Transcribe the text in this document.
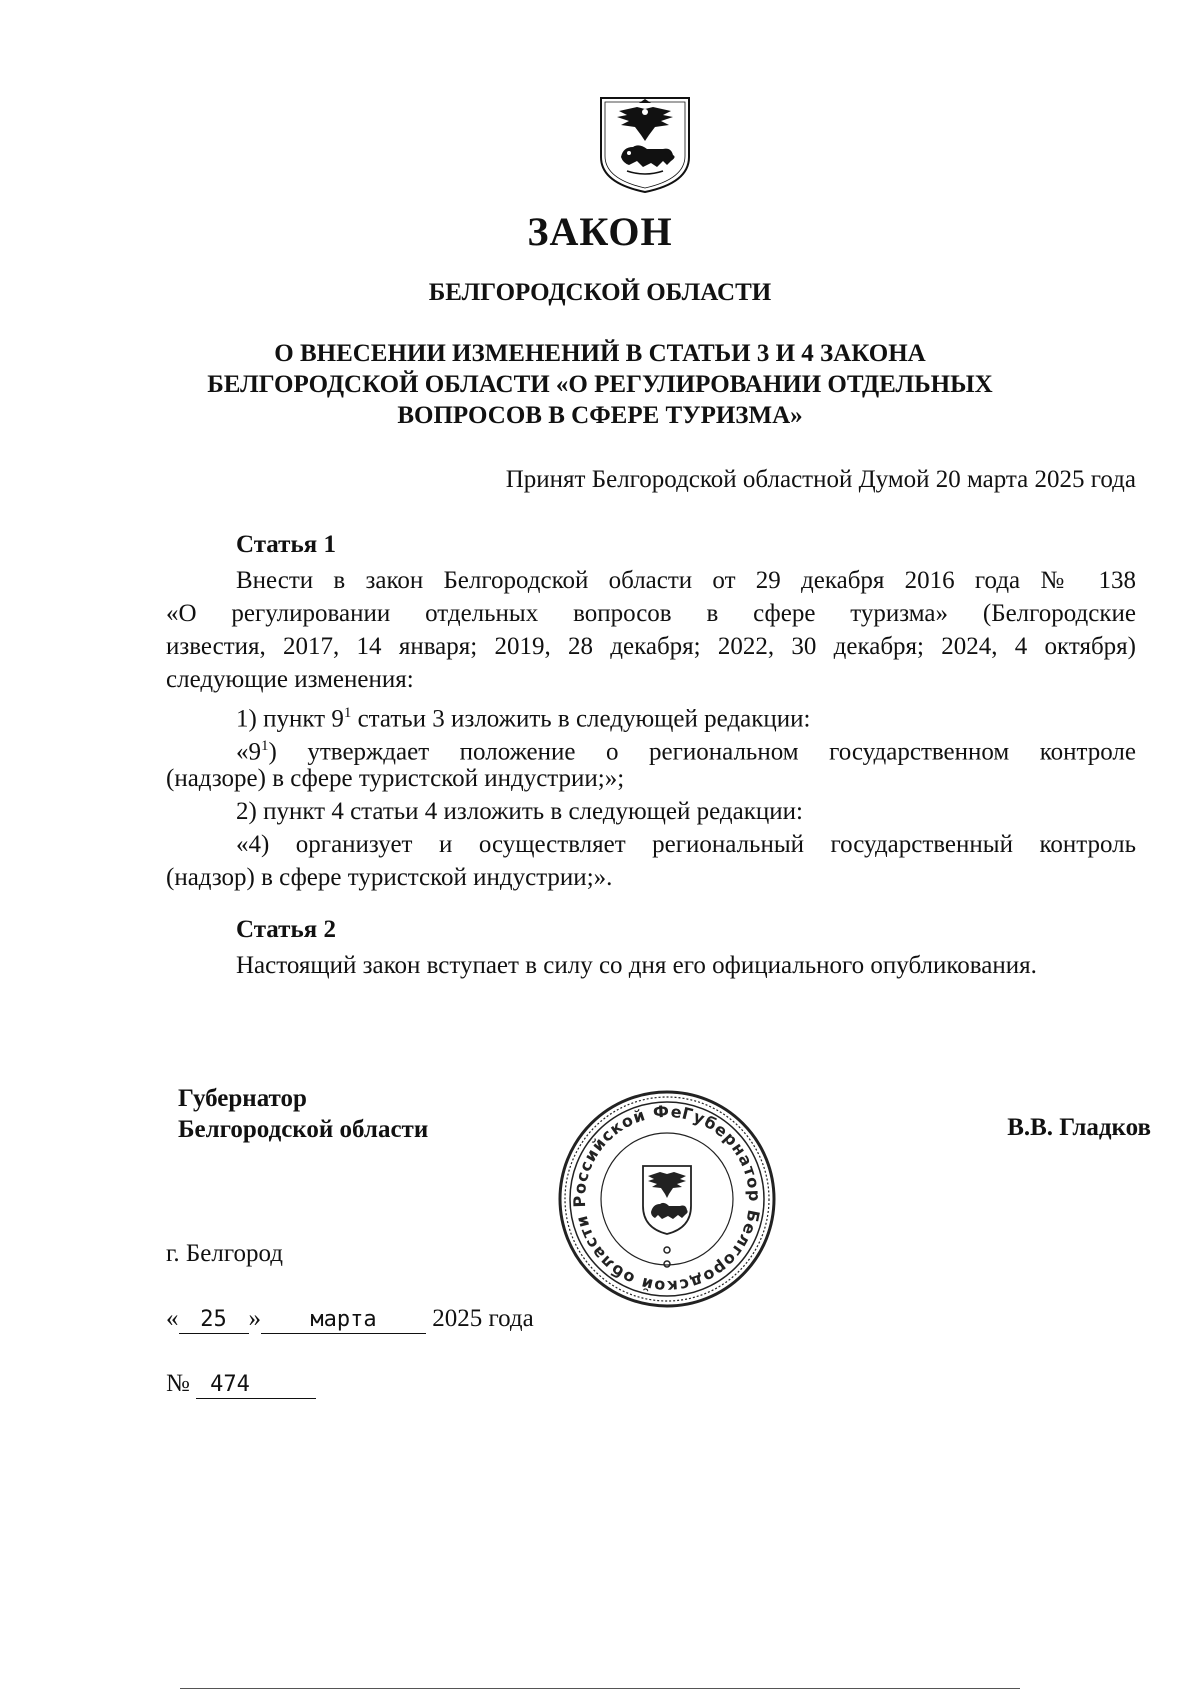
ЗАКОН
БЕЛГОРОДСКОЙ ОБЛАСТИ
О ВНЕСЕНИИ ИЗМЕНЕНИЙ В СТАТЬИ 3 И 4 ЗАКОНА
БЕЛГОРОДСКОЙ ОБЛАСТИ «О РЕГУЛИРОВАНИИ ОТДЕЛЬНЫХ
ВОПРОСОВ В СФЕРЕ ТУРИЗМА»
Принят Белгородской областной Думой 20 марта 2025 года
Статья 1
Внести в закон Белгородской области от 29 декабря 2016 года № 138
«О регулировании отдельных вопросов в сфере туризма» (Белгородские
известия, 2017, 14 января; 2019, 28 декабря; 2022, 30 декабря; 2024, 4 октября)
следующие изменения:
1) пункт $9^1$ статьи 3 изложить в следующей редакции:
«$9^1$) утверждает положение о региональном государственном контроле
(надзоре) в сфере туристской индустрии;»;
2) пункт 4 статьи 4 изложить в следующей редакции:
«4) организует и осуществляет региональный государственный контроль
(надзор) в сфере туристской индустрии;».
Статья 2
Настоящий закон вступает в силу со дня его официального опубликования.
Губернатор
Белгородской области	В.В. Гладков
Губернатор Белгородской области Российской Федерации
г. Белгород
« 25 » марта 2025 года
№ 474
